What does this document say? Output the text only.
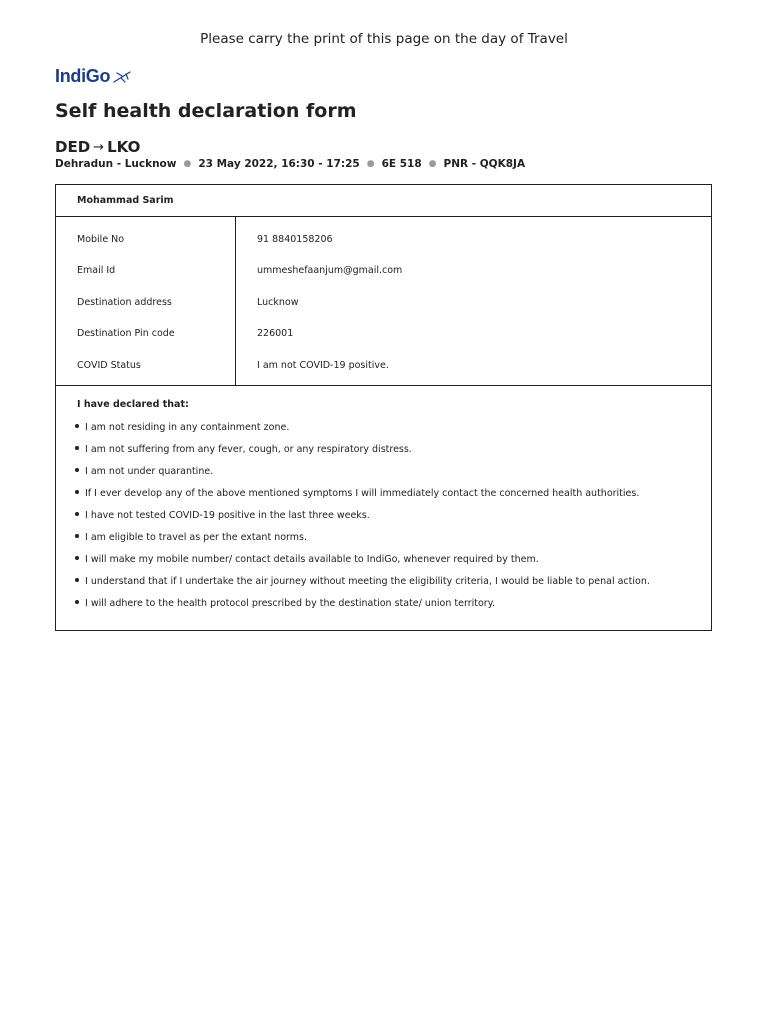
Please carry the print of this page on the day of Travel
IndiGo
Self health declaration form
DED → LKO
Dehradun - Lucknow ● 23 May 2022, 16:30 - 17:25 ● 6E 518 ● PNR - QQK8JA
Mohammad Sarim
Mobile No	91 8840158206
Email Id	ummeshefaanjum@gmail.com
Destination address	Lucknow
Destination Pin code	226001
COVID Status	I am not COVID-19 positive.
I have declared that:
I am not residing in any containment zone.
I am not suffering from any fever, cough, or any respiratory distress.
I am not under quarantine.
If I ever develop any of the above mentioned symptoms I will immediately contact the concerned health authorities.
I have not tested COVID-19 positive in the last three weeks.
I am eligible to travel as per the extant norms.
I will make my mobile number/ contact details available to IndiGo, whenever required by them.
I understand that if I undertake the air journey without meeting the eligibility criteria, I would be liable to penal action.
I will adhere to the health protocol prescribed by the destination state/ union territory.
